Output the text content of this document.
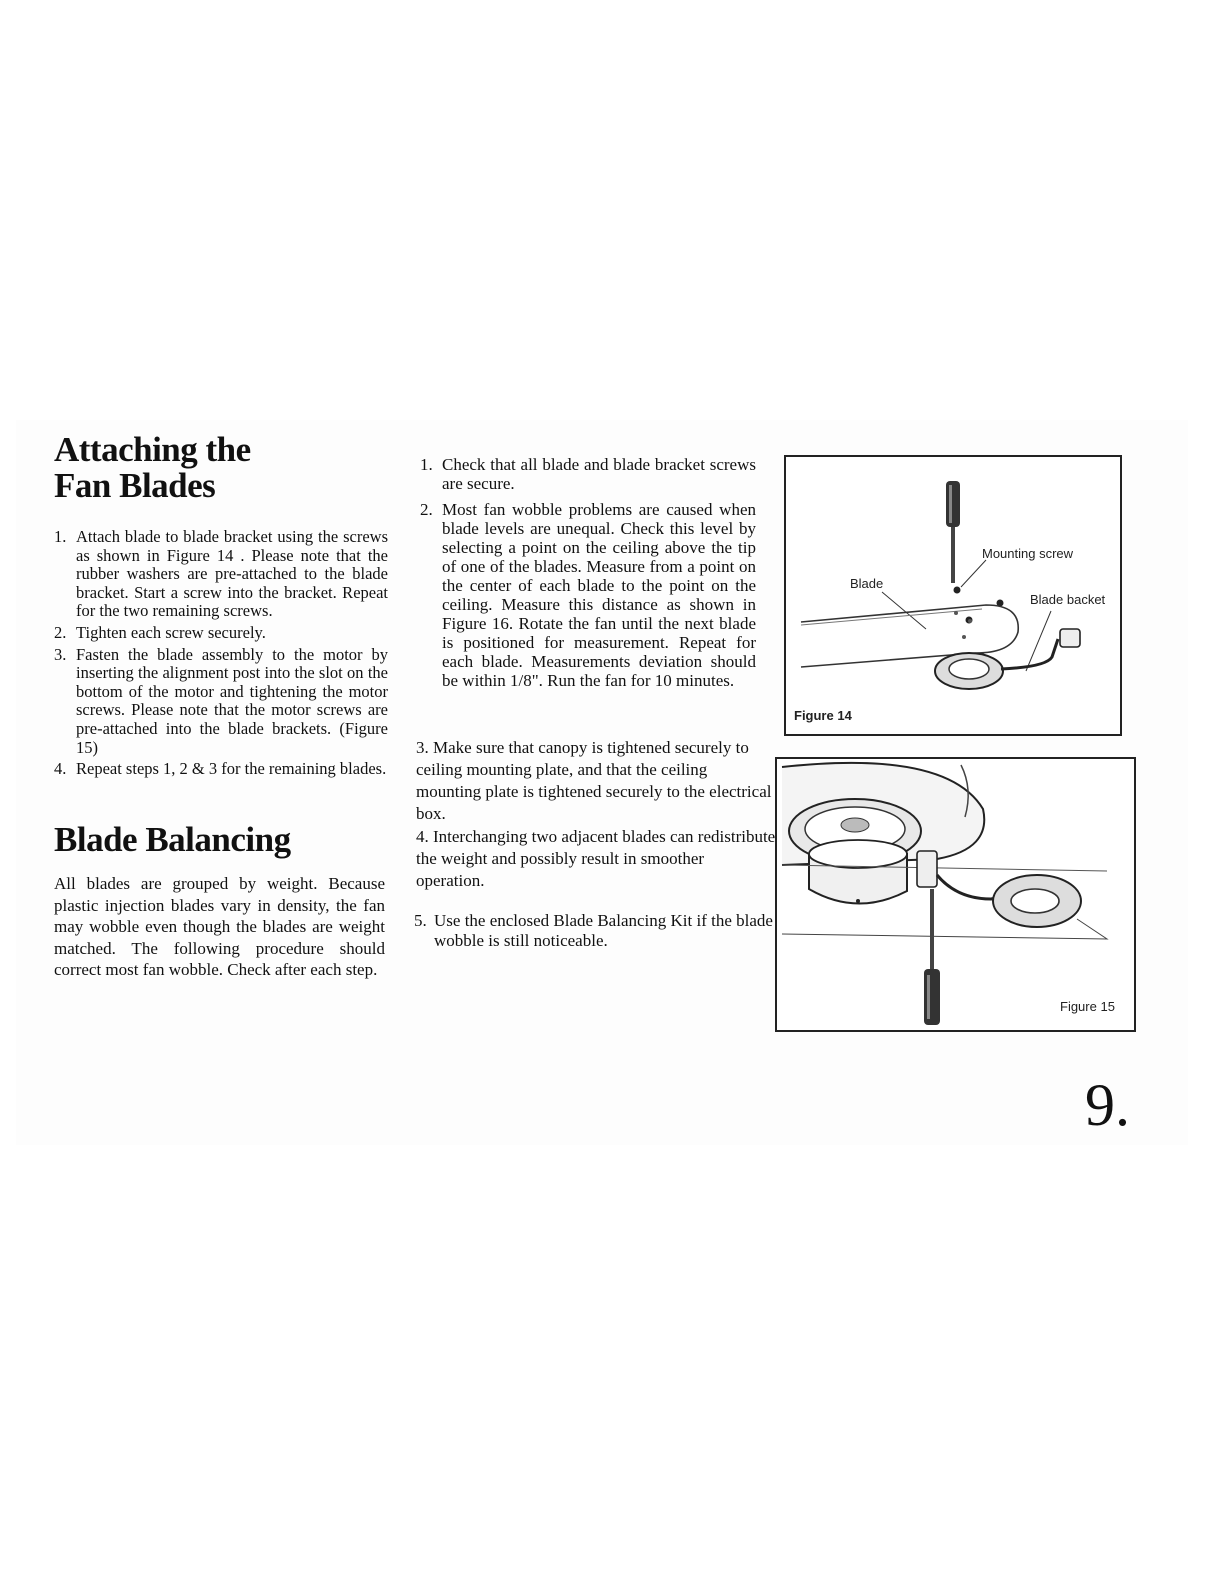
Attaching the
Fan Blades
1. Attach blade to blade bracket using the screws as shown in Figure 14 . Please note that the rubber washers are pre-attached to the blade bracket. Start a screw into the bracket. Repeat for the two remaining screws.
2. Tighten each screw securely.
3. Fasten the blade assembly to the motor by inserting the alignment post into the slot on the bottom of the motor and tightening the motor screws. Please note that the motor screws are pre-attached into the blade brackets. (Figure 15)
4. Repeat steps 1, 2 & 3 for the remaining blades.
Blade Balancing

All blades are grouped by weight. Because plastic injection blades vary in density, the fan may wobble even though the blades are weight matched. The following procedure should correct most fan wobble. Check after each step.

1. Check that all blade and blade bracket screws are secure.
2. Most fan wobble problems are caused when blade levels are unequal. Check this level by selecting a point on the ceiling above the tip of one of the blades. Measure from a point on the center of each blade to the point on the ceiling. Measure this distance as shown in Figure 16. Rotate the fan until the next blade is positioned for measurement. Repeat for each blade. Measurements deviation should be within 1/8". Run the fan for 10 minutes.

3. Make sure that canopy is tightened securely to ceiling mounting plate, and that the ceiling mounting plate is tightened securely to the electrical box.

4. Interchanging two adjacent blades can redistribute the weight and possibly result in smoother operation.

5. Use the enclosed Blade Balancing Kit if the blade wobble is still noticeable.

Mounting screw
Blade
Blade backet
Figure 14
Figure 15
9.
